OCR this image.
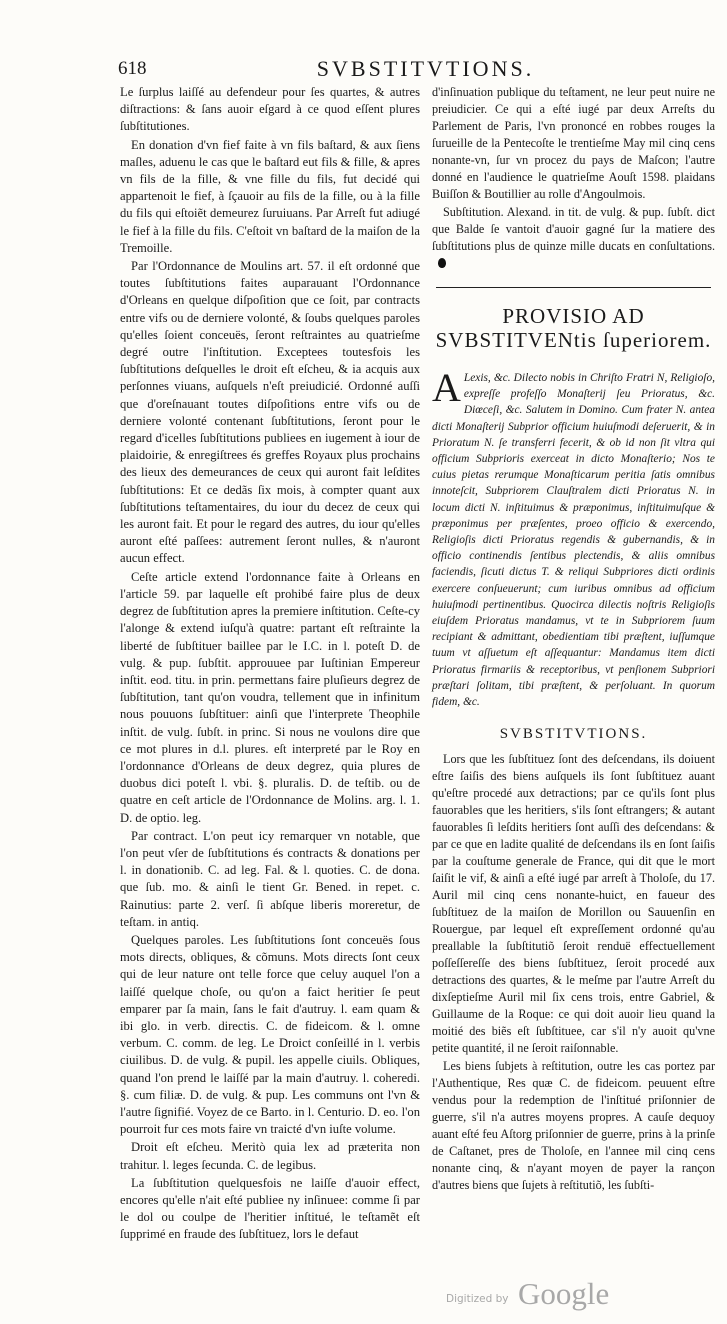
618	SVBSTITVTIONS.

Le ſurplus laiſſé au defendeur pour ſes quartes, & autres diſtractions: & ſans auoir eſgard à ce quod eſſent plures ſubſtitutiones.

En donation d'vn fief faite à vn fils baſtard, & aux ſiens maſles, aduenu le cas que le baſtard eut fils & fille, & apres vn fils de la fille, & vne fille du fils, fut decidé qui appartenoit le fief, à ſçauoir au fils de la fille, ou à la fille du fils qui eſtoiẽt demeurez ſuruiuans. Par Arreſt fut adiugé le fief à la fille du fils. C'eſtoit vn baſtard de la maiſon de la Tremoille.

Par l'Ordonnance de Moulins art. 57. il eſt ordonné que toutes ſubſtitutions faites auparauant l'Ordonnance d'Orleans en quelque diſpoſition que ce ſoit, par contracts entre vifs ou de derniere volonté, & ſoubs quelques paroles qu'elles ſoient conceuës, ſeront reſtraintes au quatrieſme degré outre l'inſtitution. Exceptees toutesfois les ſubſtitutions deſquelles le droit eſt eſcheu, & ia acquis aux perſonnes viuans, auſquels n'eſt preiudicié. Ordonné auſſi que d'oreſnauant toutes diſpoſitions entre vifs ou de derniere volonté contenant ſubſtitutions, ſeront pour le regard d'icelles ſubſtitutions publiees en iugement à iour de plaidoirie, & enregiſtrees és greffes Royaux plus prochains des lieux des demeurances de ceux qui auront fait leſdites ſubſtitutions: Et ce dedãs ſix mois, à compter quant aux ſubſtitutions teſtamentaires, du iour du decez de ceux qui les auront fait. Et pour le regard des autres, du iour qu'elles auront eſté paſſees: autrement ſeront nulles, & n'auront aucun effect.

Ceſte article extend l'ordonnance faite à Orleans en l'article 59. par laquelle eſt prohibé faire plus de deux degrez de ſubſtitution apres la premiere inſtitution. Ceſte-cy l'alonge & extend iuſqu'à quatre: partant eſt reſtrainte la liberté de ſubſtituer baillee par le I.C. in l. poteſt D. de vulg. & pup. ſubſtit. approuuee par Iuſtinian Empereur inſtit. eod. titu. in prin. permettans faire pluſieurs degrez de ſubſtitution, tant qu'on voudra, tellement que in infinitum nous pouuons ſubſtituer: ainſi que l'interprete Theophile inſtit. de vulg. ſubſt. in princ. Si nous ne voulons dire que ce mot plures in d.l. plures. eſt interpreté par le Roy en l'ordonnance d'Orleans de deux degrez, quia plures de duobus dici poteſt l. vbi. §. pluralis. D. de teſtib. ou de quatre en ceſt article de l'Ordonnance de Molins. arg. l. 1. D. de optio. leg.

Par contract. L'on peut icy remarquer vn notable, que l'on peut vſer de ſubſtitutions és contracts & donations per l. in donationib. C. ad leg. Fal. & l. quoties. C. de dona. que ſub. mo. & ainſi le tient Gr. Bened. in repet. c. Rainutius: parte 2. verſ. ſi abſque liberis moreretur, de teſtam. in antiq.

Quelques paroles. Les ſubſtitutions ſont conceuës ſous mots directs, obliques, & cõmuns. Mots directs ſont ceux qui de leur nature ont telle force que celuy auquel l'on a laiſſé quelque choſe, ou qu'on a faict heritier ſe peut emparer par ſa main, ſans le fait d'autruy. l. eam quam & ibi glo. in verb. directis. C. de fideicom. & l. omne verbum. C. comm. de leg. Le Droict conſeillé in l. verbis ciuilibus. D. de vulg. & pupil. les appelle ciuils. Obliques, quand l'on prend le laiſſé par la main d'autruy. l. coheredi. §. cum filiæ. D. de vulg. & pup. Les communs ont l'vn & l'autre ſignifié. Voyez de ce Barto. in l. Centurio. D. eo. l'on pourroit fur ces mots faire vn traicté d'vn iuſte volume.

Droit eſt eſcheu. Meritò quia lex ad præterita non trahitur. l. leges ſecunda. C. de legibus.

La ſubſtitution quelquesfois ne laiſſe d'auoir effect, encores qu'elle n'ait eſté publiee ny inſinuee: comme ſi par le dol ou coulpe de l'heritier inſtitué, le teſtamẽt eſt ſupprimé en fraude des ſubſtituez, lors le defaut

d'inſinuation publique du teſtament, ne leur peut nuire ne preiudicier. Ce qui a eſté iugé par deux Arreſts du Parlement de Paris, l'vn prononcé en robbes rouges la ſurueille de la Pentecoſte le trentieſme May mil cinq cens nonante-vn, ſur vn procez du pays de Maſcon; l'autre donné en l'audience le quatrieſme Aouſt 1598. plaidans Buiſſon & Boutillier au rolle d'Angoulmois.

Subſtitution. Alexand. in tit. de vulg. & pup. ſubſt. dict que Balde ſe vantoit d'auoir gagné ſur la matiere des ſubſtitutions plus de quinze mille ducats en conſultations.

PROVISIO AD SVBSTITVENtis ſuperiorem.

A Lexis, &c. Dilecto nobis in Chriſto Fratri N, Religioſo, expreſſe profeſſo Monaſterij ſeu Prioratus, &c. Diœceſi, &c. Salutem in Domino. Cum frater N. antea dicti Monaſterij Subprior officium huiuſmodi deſeruerit, & in Prioratum N. ſe transferri fecerit, & ob id non ſit vltra qui officium Subprioris exerceat in dicto Monaſterio; Nos te cuius pietas rerumque Monaſticarum peritia ſatis omnibus innoteſcit, Subpriorem Clauſtralem dicti Prioratus N. in locum dicti N. inſtituimus & præponimus, inſtituimuſque & præponimus per præſentes, proeo officio & exercendo, Religioſis dicti Prioratus regendis & gubernandis, & in officio continendis ſentibus plectendis, & aliis omnibus faciendis, ſicuti dictus T. & reliqui Subpriores dicti ordinis exercere conſueuerunt; cum iuribus omnibus ad officium huiuſmodi pertinentibus. Quocirca dilectis noſtris Religioſis eiuſdem Prioratus mandamus, vt te in Subpriorem ſuum recipiant & admittant, obedientiam tibi præſtent, iuſſumque tuum vt aſſuetum eſt aſſequantur: Mandamus item dicti Prioratus firmariis & receptoribus, vt penſionem Subpriori præſtari ſolitam, tibi præſtent, & perſoluant. In quorum fidem, &c.

SVBSTITVTIONS.

Lors que les ſubſtituez ſont des deſcendans, ils doiuent eſtre ſaiſis des biens auſquels ils ſont ſubſtituez auant qu'eſtre procedé aux detractions; par ce qu'ils ſont plus fauorables que les heritiers, s'ils ſont eſtrangers; & autant fauorables ſi leſdits heritiers ſont auſſi des deſcendans: & par ce que en ladite qualité de deſcendans ils en ſont ſaiſis par la couſtume generale de France, qui dit que le mort ſaiſit le vif, & ainſi a eſté iugé par arreſt à Tholoſe, du 17. Auril mil cinq cens nonante-huict, en faueur des ſubſtituez de la maiſon de Morillon ou Sauuenſin en Rouergue, par lequel eſt expreſſement ordonné qu'au preallable la ſubſtitutiõ ſeroit renduë effectuellement poſſeſſereſſe des biens ſubſtituez, ſeroit procedé aux detractions des quartes, & le meſme par l'autre Arreſt du dixſeptieſme Auril mil ſix cens trois, entre Gabriel, & Guillaume de la Roque: ce qui doit auoir lieu quand la moitié des biẽs eſt ſubſtituee, car s'il n'y auoit qu'vne petite quantité, il ne ſeroit raiſonnable.

Les biens ſubjets à reſtitution, outre les cas portez par l'Authentique, Res quæ C. de fideicom. peuuent eſtre vendus pour la redemption de l'inſtitué priſonnier de guerre, s'il n'a autres moyens propres. A cauſe dequoy auant eſté feu Aſtorg priſonnier de guerre, prins à la prinſe de Caſtanet, pres de Tholoſe, en l'annee mil cinq cens nonante cinq, & n'ayant moyen de payer la rançon d'autres biens que ſujets à reſtitutiõ, les ſubſti-

Digitized by Google
